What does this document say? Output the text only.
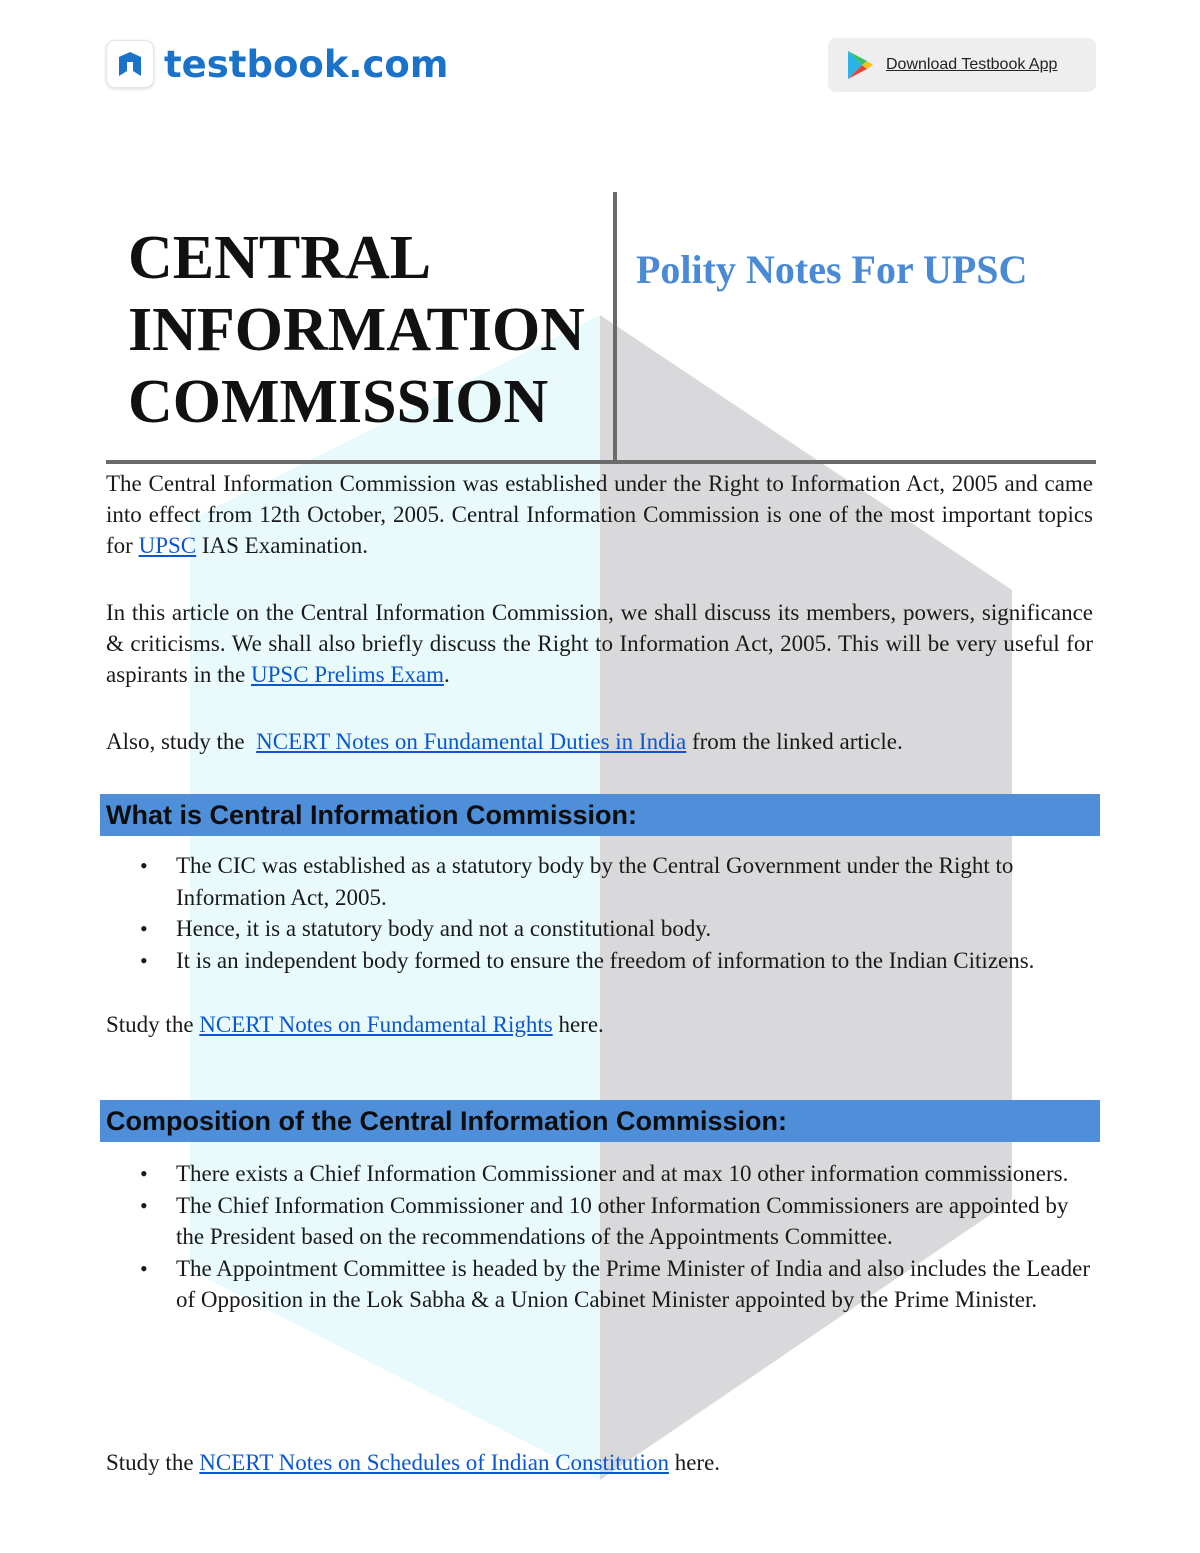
testbook.com	Download Testbook App
CENTRAL
INFORMATION
COMMISSION
Polity Notes For UPSC

The Central Information Commission was established under the Right to Information Act, 2005 and came into effect from 12th October, 2005. Central Information Commission is one of the most important topics for UPSC IAS Examination.

In this article on the Central Information Commission, we shall discuss its members, powers, significance & criticisms. We shall also briefly discuss the Right to Information Act, 2005. This will be very useful for aspirants in the UPSC Prelims Exam.

Also, study the  NCERT Notes on Fundamental Duties in India from the linked article.

What is Central Information Commission:
• The CIC was established as a statutory body by the Central Government under the Right to Information Act, 2005.
• Hence, it is a statutory body and not a constitutional body.
• It is an independent body formed to ensure the freedom of information to the Indian Citizens.

Study the NCERT Notes on Fundamental Rights here.

Composition of the Central Information Commission:
• There exists a Chief Information Commissioner and at max 10 other information commissioners.
• The Chief Information Commissioner and 10 other Information Commissioners are appointed by the President based on the recommendations of the Appointments Committee.
• The Appointment Committee is headed by the Prime Minister of India and also includes the Leader of Opposition in the Lok Sabha & a Union Cabinet Minister appointed by the Prime Minister.

Study the NCERT Notes on Schedules of Indian Constitution here.
